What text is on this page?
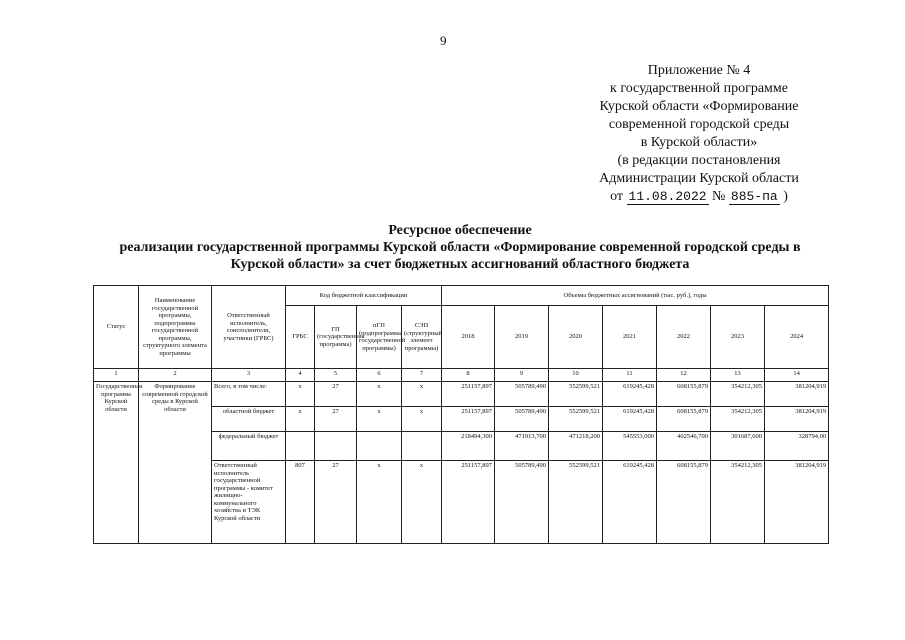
9
Приложение № 4
к государственной программе
Курской области «Формирование
современной городской среды
в Курской области»
(в редакции постановления
Администрации Курской области
от 11.08.2022 № 885-па )
Ресурсное обеспечение
реализации государственной программы Курской области «Формирование современной городской среды в
Курской области» за счет бюджетных ассигнований областного бюджета
Статус	Наименование государственной программы, подпрограммы государственной программы, структурного элемента программы	Ответственный исполнитель, соисполнители, участники (ГРБС)	Код бюджетной классификации				Объемы бюджетных ассигнований (тыс. руб.), годы						
			ГРБС	ГП (государственная программа)	пГП (подпрограмма государственной программы)	СЭП (структурный элемент программы)	2018	2019	2020	2021	2022	2023	2024
1	2	3	4	5	6	7	8	9	10	11	12	13	14
Государственная программа Курской области	Формирование современной городской среды в Курской области	Всего, в том числе:	х	27	х	х	251157,897	505789,490	552599,521	619245,428	608155,879	354212,305	381204,919
		областной бюджет	х	27	х	х	251157,897	505789,490	552599,521	619245,428	608155,879	354212,305	381204,919
		федеральный бюджет					218494,300	471913,700	471218,200	545553,000	402546,700	301687,600	328794,00
		Ответственный исполнитель государственной программы - комитет жилищно-коммунального хозяйства и ТЭК Курской области	807	27	х	х	251157,897	505789,490	552599,521	619245,428	608155,879	354212,305	381204,919
